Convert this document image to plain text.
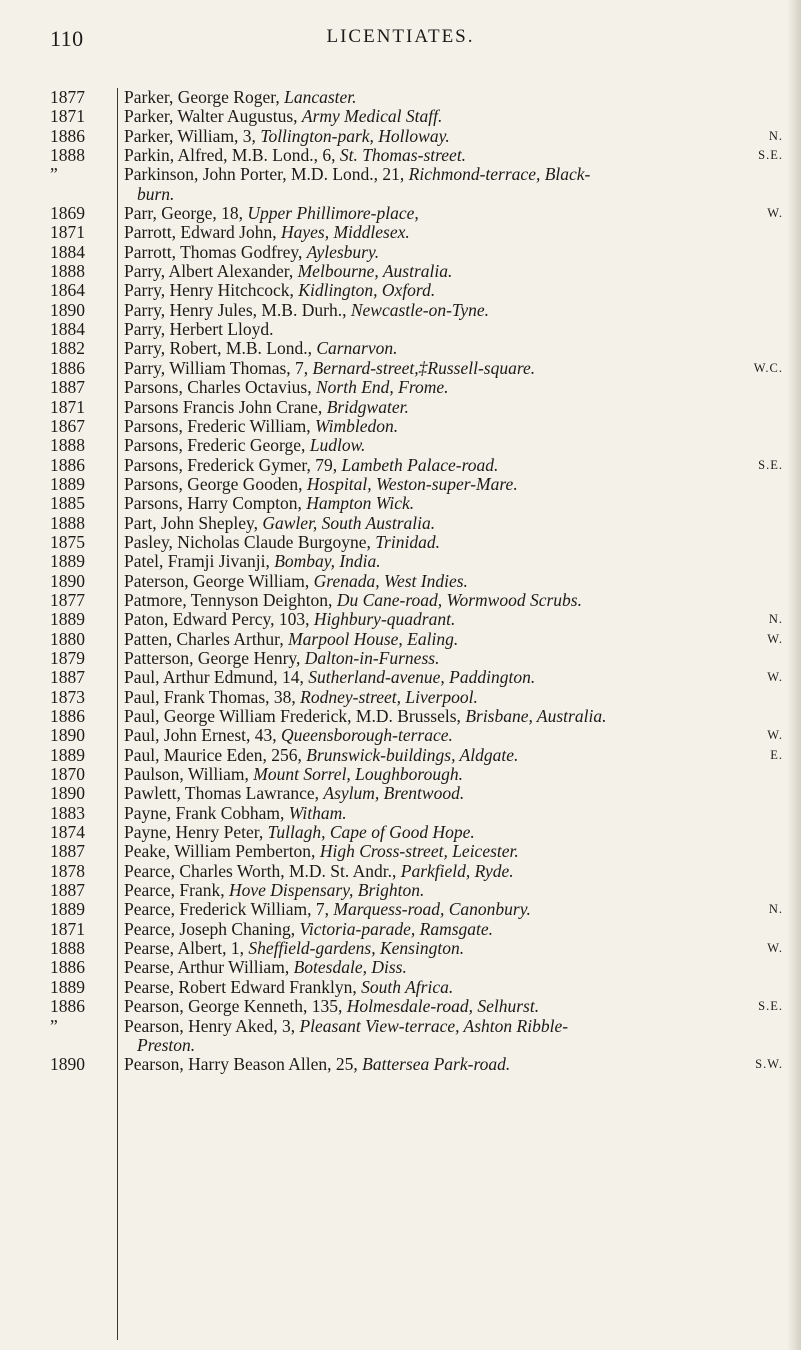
110	LICENTIATES.
1877	Parker, George Roger, Lancaster.
1871	Parker, Walter Augustus, Army Medical Staff.
1886	Parker, William, 3, Tollington-park, Holloway.	N.
1888	Parkin, Alfred, M.B. Lond., 6, St. Thomas-street.	S.E.
”	Parkinson, John Porter, M.D. Lond., 21, Richmond-terrace, Black-
burn.
1869	Parr, George, 18, Upper Phillimore-place,	W.
1871	Parrott, Edward John, Hayes, Middlesex.
1884	Parrott, Thomas Godfrey, Aylesbury.
1888	Parry, Albert Alexander, Melbourne, Australia.
1864	Parry, Henry Hitchcock, Kidlington, Oxford.
1890	Parry, Henry Jules, M.B. Durh., Newcastle-on-Tyne.
1884	Parry, Herbert Lloyd.
1882	Parry, Robert, M.B. Lond., Carnarvon.
1886	Parry, William Thomas, 7, Bernard-street,‡Russell-square.	W.C.
1887	Parsons, Charles Octavius, North End, Frome.
1871	Parsons Francis John Crane, Bridgwater.
1867	Parsons, Frederic William, Wimbledon.
1888	Parsons, Frederic George, Ludlow.
1886	Parsons, Frederick Gymer, 79, Lambeth Palace-road.	S.E.
1889	Parsons, George Gooden, Hospital, Weston-super-Mare.
1885	Parsons, Harry Compton, Hampton Wick.
1888	Part, John Shepley, Gawler, South Australia.
1875	Pasley, Nicholas Claude Burgoyne, Trinidad.
1889	Patel, Framji Jivanji, Bombay, India.
1890	Paterson, George William, Grenada, West Indies.
1877	Patmore, Tennyson Deighton, Du Cane-road, Wormwood Scrubs.
1889	Paton, Edward Percy, 103, Highbury-quadrant.	N.
1880	Patten, Charles Arthur, Marpool House, Ealing.	W.
1879	Patterson, George Henry, Dalton-in-Furness.
1887	Paul, Arthur Edmund, 14, Sutherland-avenue, Paddington.	W.
1873	Paul, Frank Thomas, 38, Rodney-street, Liverpool.
1886	Paul, George William Frederick, M.D. Brussels, Brisbane, Australia.
1890	Paul, John Ernest, 43, Queensborough-terrace.	W.
1889	Paul, Maurice Eden, 256, Brunswick-buildings, Aldgate.	E.
1870	Paulson, William, Mount Sorrel, Loughborough.
1890	Pawlett, Thomas Lawrance, Asylum, Brentwood.
1883	Payne, Frank Cobham, Witham.
1874	Payne, Henry Peter, Tullagh, Cape of Good Hope.
1887	Peake, William Pemberton, High Cross-street, Leicester.
1878	Pearce, Charles Worth, M.D. St. Andr., Parkfield, Ryde.
1887	Pearce, Frank, Hove Dispensary, Brighton.
1889	Pearce, Frederick William, 7, Marquess-road, Canonbury.	N.
1871	Pearce, Joseph Chaning, Victoria-parade, Ramsgate.
1888	Pearse, Albert, 1, Sheffield-gardens, Kensington.	W.
1886	Pearse, Arthur William, Botesdale, Diss.
1889	Pearse, Robert Edward Franklyn, South Africa.
1886	Pearson, George Kenneth, 135, Holmesdale-road, Selhurst.	S.E.
”	Pearson, Henry Aked, 3, Pleasant View-terrace, Ashton Ribble-
Preston.
1890	Pearson, Harry Beason Allen, 25, Battersea Park-road.	S.W.
